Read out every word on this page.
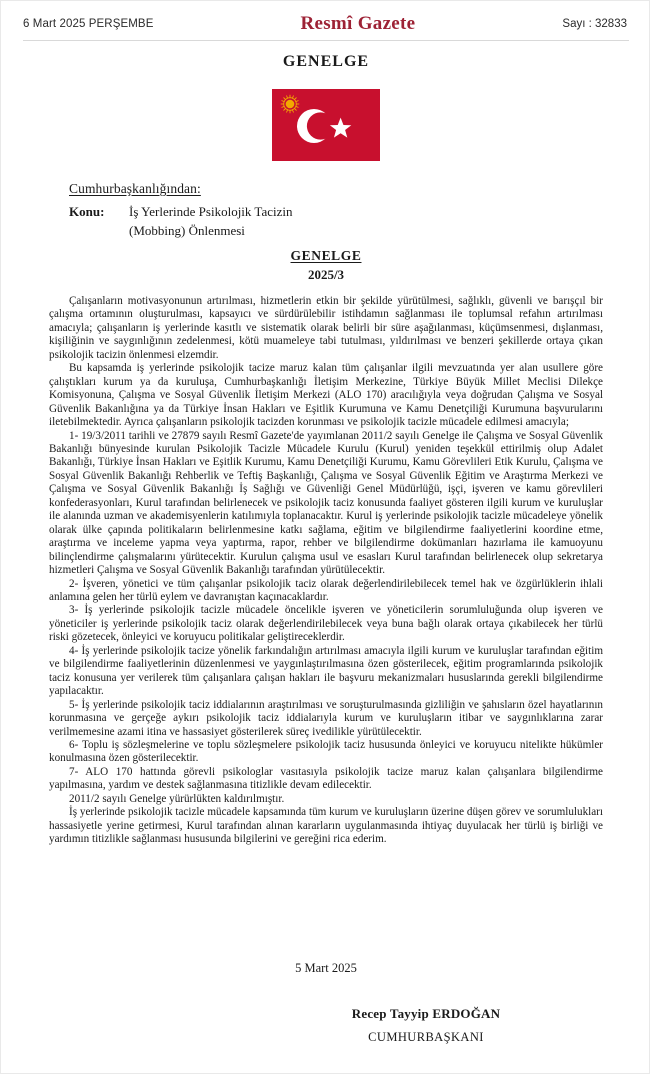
6 Mart 2025 PERŞEMBE	Resmî Gazete	Sayı : 32833
GENELGE
Cumhurbaşkanlığından:
Konu:	İş Yerlerinde Psikolojik Tacizin
(Mobbing) Önlenmesi
GENELGE
2025/3

Çalışanların motivasyonunun artırılması, hizmetlerin etkin bir şekilde yürütülmesi, sağlıklı, güvenli ve barışçıl bir çalışma ortamının oluşturulması, kapsayıcı ve sürdürülebilir istihdamın sağlanması ile toplumsal refahın artırılması amacıyla; çalışanların iş yerlerinde kasıtlı ve sistematik olarak belirli bir süre aşağılanması, küçümsenmesi, dışlanması, kişiliğinin ve saygınlığının zedelenmesi, kötü muameleye tabi tutulması, yıldırılması ve benzeri şekillerde ortaya çıkan psikolojik tacizin önlenmesi elzemdir.

Bu kapsamda iş yerlerinde psikolojik tacize maruz kalan tüm çalışanlar ilgili mevzuatında yer alan usullere göre çalıştıkları kurum ya da kuruluşa, Cumhurbaşkanlığı İletişim Merkezine, Türkiye Büyük Millet Meclisi Dilekçe Komisyonuna, Çalışma ve Sosyal Güvenlik İletişim Merkezi (ALO 170) aracılığıyla veya doğrudan Çalışma ve Sosyal Güvenlik Bakanlığına ya da Türkiye İnsan Hakları ve Eşitlik Kurumuna ve Kamu Denetçiliği Kurumuna başvurularını iletebilmektedir. Ayrıca çalışanların psikolojik tacizden korunması ve psikolojik tacizle mücadele edilmesi amacıyla;

1- 19/3/2011 tarihli ve 27879 sayılı Resmî Gazete'de yayımlanan 2011/2 sayılı Genelge ile Çalışma ve Sosyal Güvenlik Bakanlığı bünyesinde kurulan Psikolojik Tacizle Mücadele Kurulu (Kurul) yeniden teşekkül ettirilmiş olup Adalet Bakanlığı, Türkiye İnsan Hakları ve Eşitlik Kurumu, Kamu Denetçiliği Kurumu, Kamu Görevlileri Etik Kurulu, Çalışma ve Sosyal Güvenlik Bakanlığı Rehberlik ve Teftiş Başkanlığı, Çalışma ve Sosyal Güvenlik Eğitim ve Araştırma Merkezi ve Çalışma ve Sosyal Güvenlik Bakanlığı İş Sağlığı ve Güvenliği Genel Müdürlüğü, işçi, işveren ve kamu görevlileri konfederasyonları, Kurul tarafından belirlenecek ve psikolojik taciz konusunda faaliyet gösteren ilgili kurum ve kuruluşlar ile alanında uzman ve akademisyenlerin katılımıyla toplanacaktır. Kurul iş yerlerinde psikolojik tacizle mücadeleye yönelik olarak ülke çapında politikaların belirlenmesine katkı sağlama, eğitim ve bilgilendirme faaliyetlerini koordine etme, araştırma ve inceleme yapma veya yaptırma, rapor, rehber ve bilgilendirme dokümanları hazırlama ile kamuoyunu bilinçlendirme çalışmalarını yürütecektir. Kurulun çalışma usul ve esasları Kurul tarafından belirlenecek olup sekretarya hizmetleri Çalışma ve Sosyal Güvenlik Bakanlığı tarafından yürütülecektir.

2- İşveren, yönetici ve tüm çalışanlar psikolojik taciz olarak değerlendirilebilecek temel hak ve özgürlüklerin ihlali anlamına gelen her türlü eylem ve davranıştan kaçınacaklardır.

3- İş yerlerinde psikolojik tacizle mücadele öncelikle işveren ve yöneticilerin sorumluluğunda olup işveren ve yöneticiler iş yerlerinde psikolojik taciz olarak değerlendirilebilecek veya buna bağlı olarak ortaya çıkabilecek her türlü riski gözetecek, önleyici ve koruyucu politikalar geliştireceklerdir.

4- İş yerlerinde psikolojik tacize yönelik farkındalığın artırılması amacıyla ilgili kurum ve kuruluşlar tarafından eğitim ve bilgilendirme faaliyetlerinin düzenlenmesi ve yaygınlaştırılmasına özen gösterilecek, eğitim programlarında psikolojik taciz konusuna yer verilerek tüm çalışanlara çalışan hakları ile başvuru mekanizmaları hususlarında gerekli bilgilendirme yapılacaktır.

5- İş yerlerinde psikolojik taciz iddialarının araştırılması ve soruşturulmasında gizliliğin ve şahısların özel hayatlarının korunmasına ve gerçeğe aykırı psikolojik taciz iddialarıyla kurum ve kuruluşların itibar ve saygınlıklarına zarar verilmemesine azami itina ve hassasiyet gösterilerek süreç ivedilikle yürütülecektir.

6- Toplu iş sözleşmelerine ve toplu sözleşmelere psikolojik taciz hususunda önleyici ve koruyucu nitelikte hükümler konulmasına özen gösterilecektir.

7- ALO 170 hattında görevli psikologlar vasıtasıyla psikolojik tacize maruz kalan çalışanlara bilgilendirme yapılmasına, yardım ve destek sağlanmasına titizlikle devam edilecektir.

2011/2 sayılı Genelge yürürlükten kaldırılmıştır.

İş yerlerinde psikolojik tacizle mücadele kapsamında tüm kurum ve kuruluşların üzerine düşen görev ve sorumlulukları hassasiyetle yerine getirmesi, Kurul tarafından alınan kararların uygulanmasında ihtiyaç duyulacak her türlü iş birliği ve yardımın titizlikle sağlanması hususunda bilgilerini ve gereğini rica ederim.

5 Mart 2025
Recep Tayyip ERDOĞAN
CUMHURBAŞKANI
